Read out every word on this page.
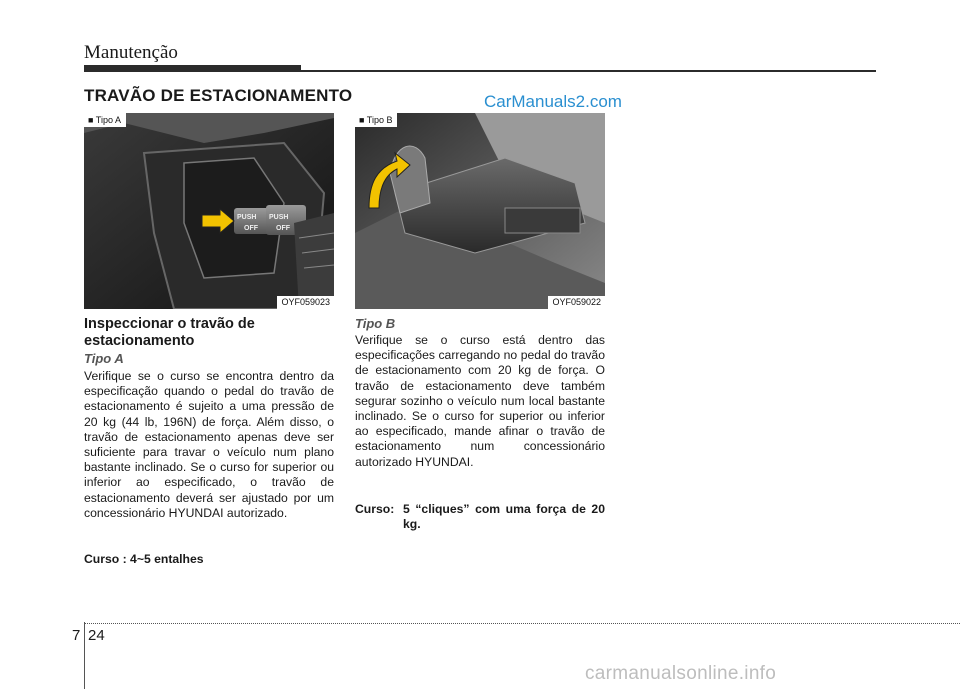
Manutenção
TRAVÃO DE ESTACIONAMENTO	CarManuals2.com
PUSH
OFF
PUSH
OFF
■ Tipo A
OYF059023
■ Tipo B
OYF059022
Inspeccionar o travão de estacionamento
Tipo A
Verifique se o curso se encontra dentro da especificação quando o pedal do travão de estacionamento é sujeito a uma pressão de 20 kg (44 lb, 196N) de força. Além disso, o travão de estacionamento apenas deve ser suficiente para travar o veículo num plano bastante inclinado. Se o curso for superior ou inferior ao especificado, o travão de estacionamento deverá ser ajustado por um concessionário HYUNDAI autorizado.
Curso : 4~5 entalhes
Tipo B
Verifique se o curso está dentro das especificações carregando no pedal do travão de estacionamento com 20 kg de força. O travão de estacionamento deve também segurar sozinho o veículo num local bastante inclinado. Se o curso for superior ou inferior ao especificado, mande afinar o travão de estacionamento num concessionário autorizado HYUNDAI.
Curso: 5 “cliques” com uma força de 20 kg.
7 24
carmanualsonline.info
